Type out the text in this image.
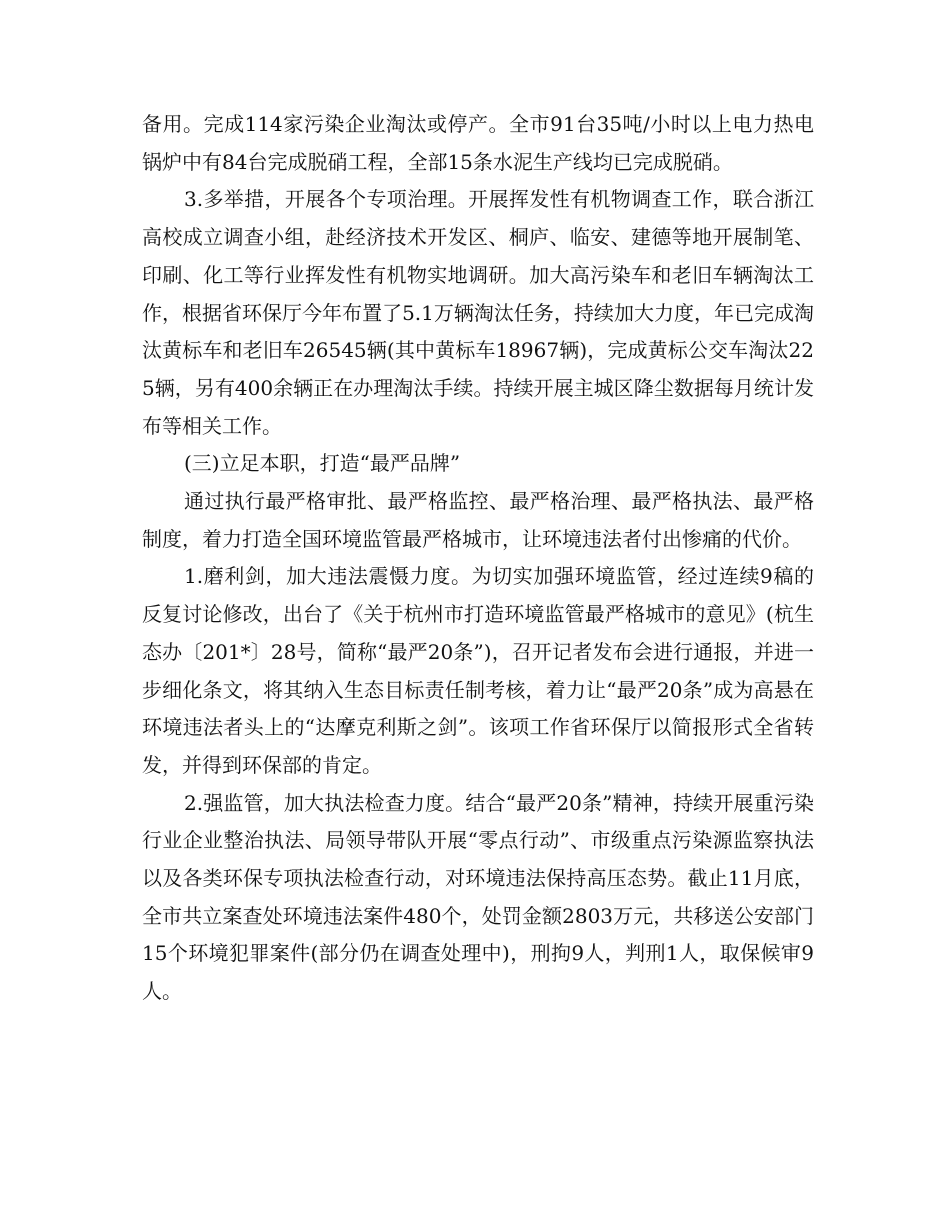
备用。完成114家污染企业淘汰或停产。全市91台35吨/小时以上电力热电锅炉中有84台完成脱硝工程，全部15条水泥生产线均已完成脱硝。

3.多举措，开展各个专项治理。开展挥发性有机物调查工作，联合浙江高校成立调查小组，赴经济技术开发区、桐庐、临安、建德等地开展制笔、印刷、化工等行业挥发性有机物实地调研。加大高污染车和老旧车辆淘汰工作，根据省环保厅今年布置了5.1万辆淘汰任务，持续加大力度，年已完成淘汰黄标车和老旧车26545辆(其中黄标车18967辆)，完成黄标公交车淘汰225辆，另有400余辆正在办理淘汰手续。持续开展主城区降尘数据每月统计发布等相关工作。

(三)立足本职，打造“最严品牌”

通过执行最严格审批、最严格监控、最严格治理、最严格执法、最严格制度，着力打造全国环境监管最严格城市，让环境违法者付出惨痛的代价。

1.磨利剑，加大违法震慑力度。为切实加强环境监管，经过连续9稿的反复讨论修改，出台了《关于杭州市打造环境监管最严格城市的意见》(杭生态办〔201*〕28号，简称“最严20条”)，召开记者发布会进行通报，并进一步细化条文，将其纳入生态目标责任制考核，着力让“最严20条”成为高悬在环境违法者头上的“达摩克利斯之剑”。该项工作省环保厅以简报形式全省转发，并得到环保部的肯定。

2.强监管，加大执法检查力度。结合“最严20条”精神，持续开展重污染行业企业整治执法、局领导带队开展“零点行动”、市级重点污染源监察执法以及各类环保专项执法检查行动，对环境违法保持高压态势。截止11月底，全市共立案查处环境违法案件480个，处罚金额2803万元，共移送公安部门15个环境犯罪案件(部分仍在调查处理中)，刑拘9人，判刑1人，取保候审9人。
